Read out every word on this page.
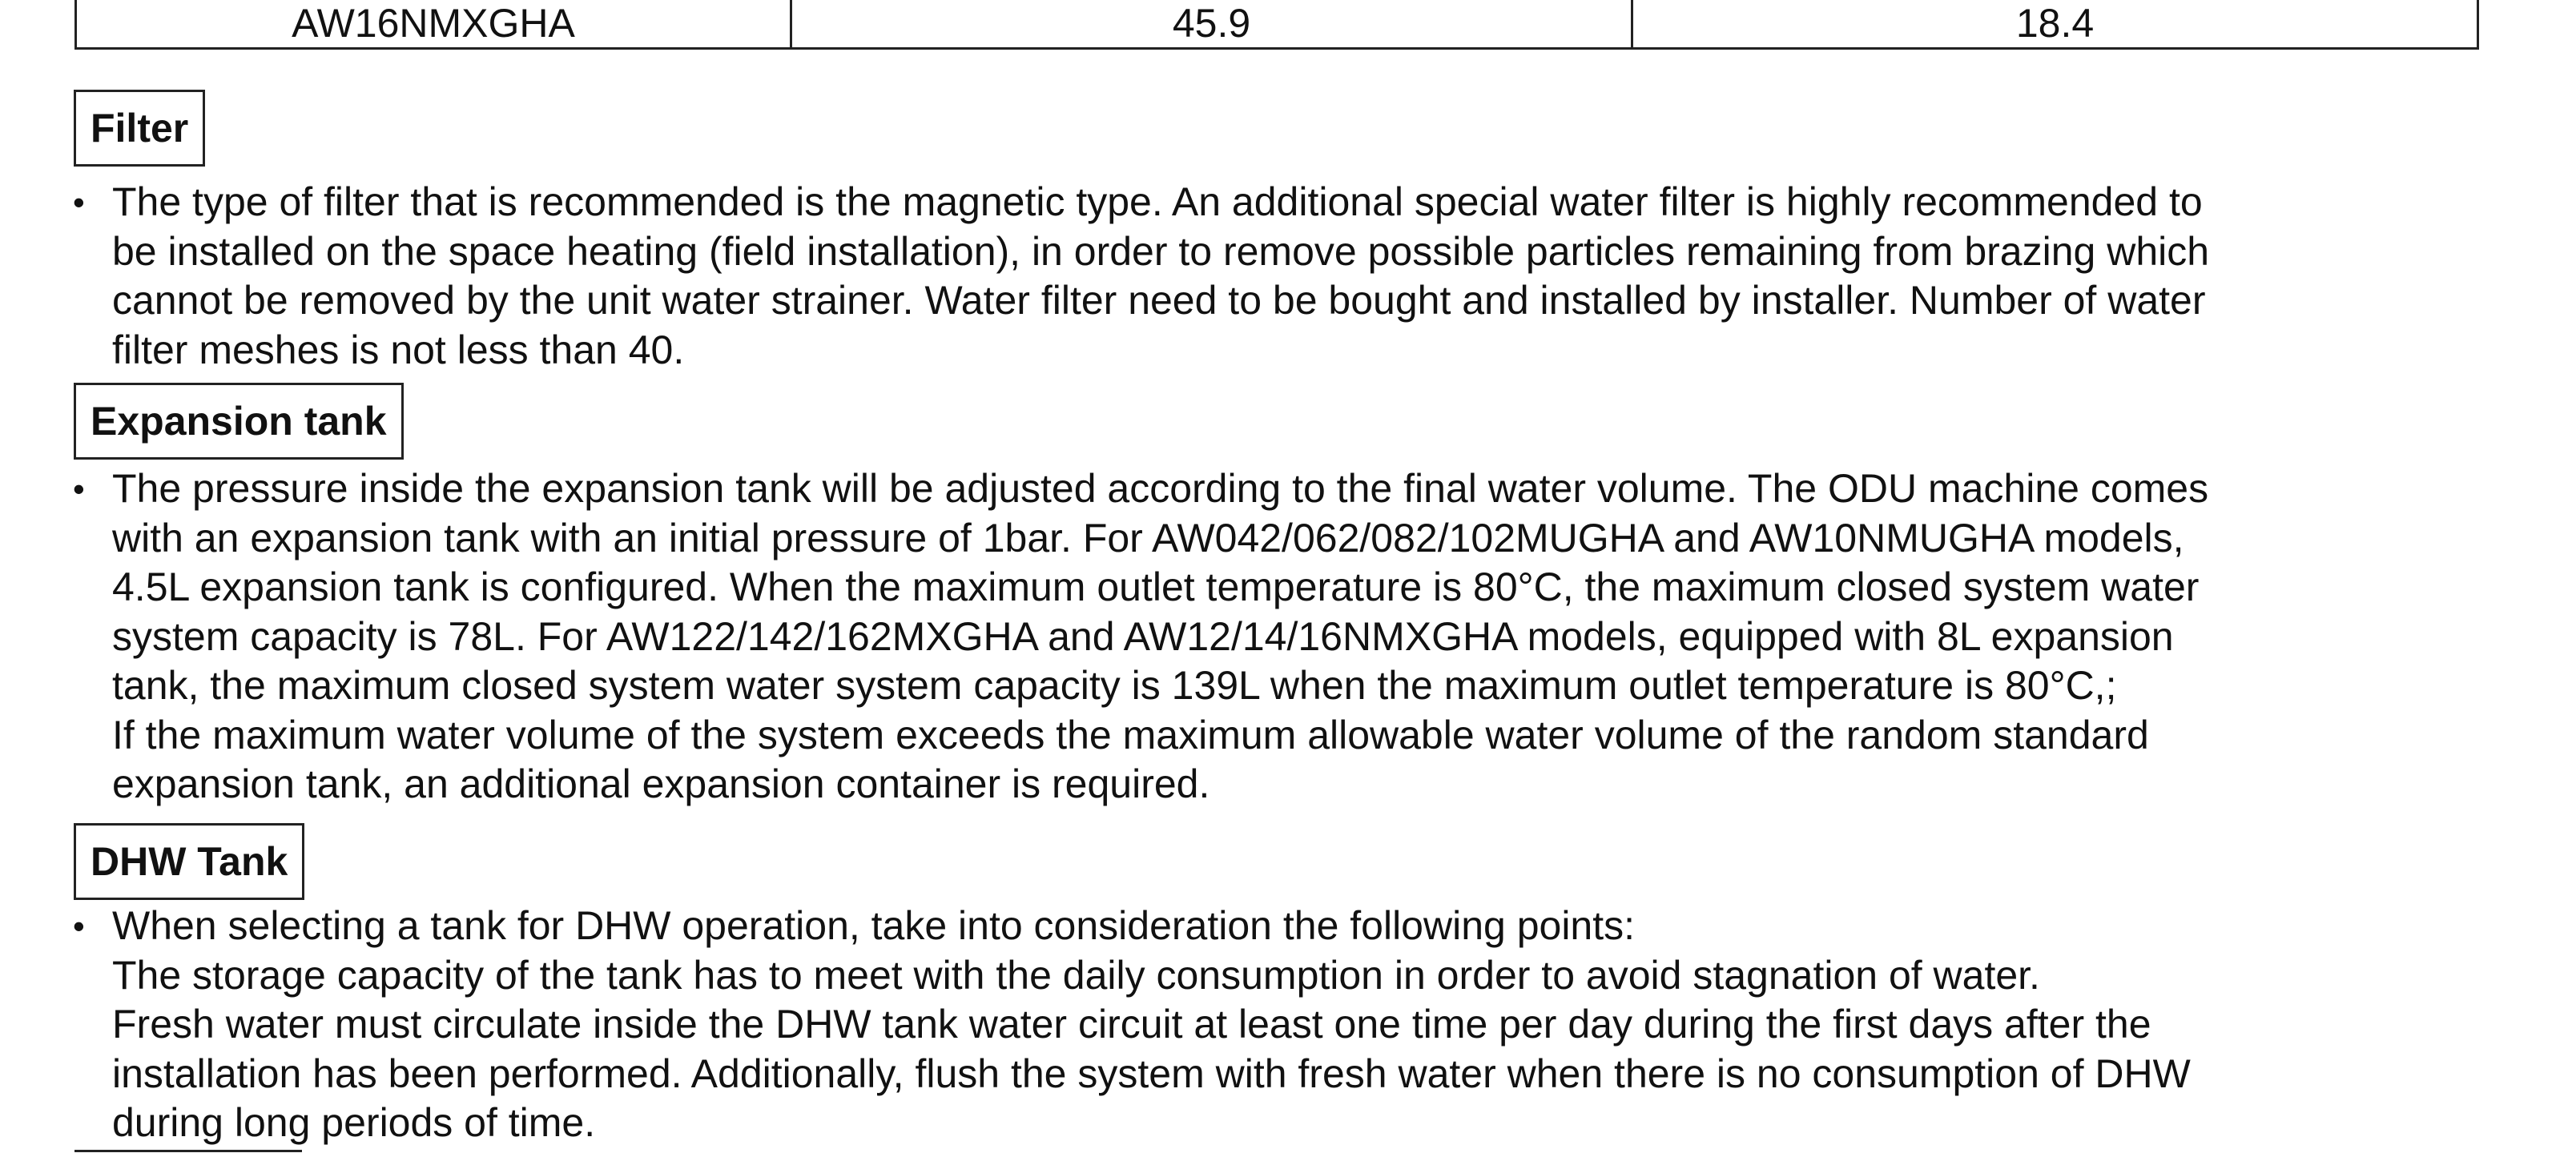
AW16NMXGHA	45.9	18.4
Filter
• The type of filter that is recommended is the magnetic type. An additional special water filter is highly recommended to
be installed on the space heating (field installation), in order to remove possible particles remaining from brazing which
cannot be removed by the unit water strainer. Water filter need to be bought and installed by installer. Number of water
filter meshes is not less than 40.
Expansion tank
• The pressure inside the expansion tank will be adjusted according to the final water volume. The ODU machine comes
with an expansion tank with an initial pressure of 1bar. For AW042/062/082/102MUGHA and AW10NMUGHA models,
4.5L expansion tank is configured. When the maximum outlet temperature is 80°C, the maximum closed system water
system capacity is 78L. For AW122/142/162MXGHA and AW12/14/16NMXGHA models, equipped with 8L expansion
tank, the maximum closed system water system capacity is 139L when the maximum outlet temperature is 80°C,;
If the maximum water volume of the system exceeds the maximum allowable water volume of the random standard
expansion tank, an additional expansion container is required.
DHW Tank
• When selecting a tank for DHW operation, take into consideration the following points:
The storage capacity of the tank has to meet with the daily consumption in order to avoid stagnation of water.
Fresh water must circulate inside the DHW tank water circuit at least one time per day during the first days after the
installation has been performed. Additionally, flush the system with fresh water when there is no consumption of DHW
during long periods of time.
